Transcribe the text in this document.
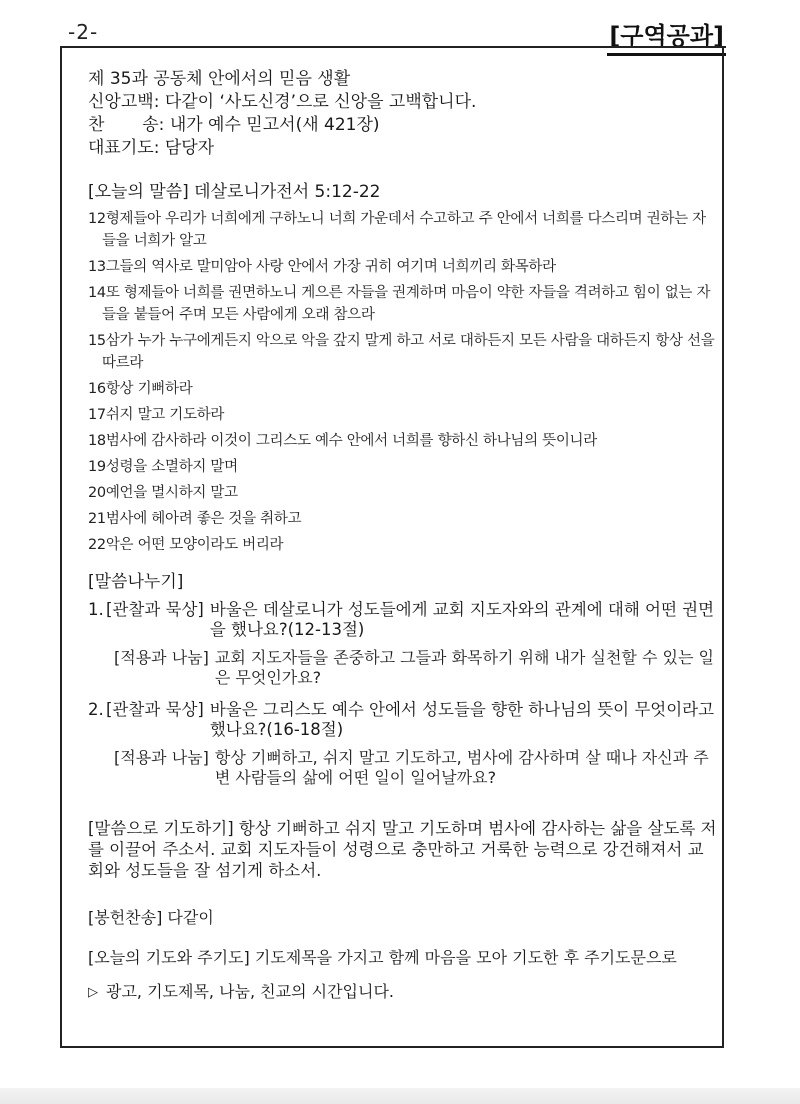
-2-	[구역공과]
제 35과 공동체 안에서의 믿음 생활
신앙고백: 다같이 ‘사도신경’으로 신앙을 고백합니다.
찬       송: 내가 예수 믿고서(새 421장)
대표기도: 담당자
[오늘의 말씀] 데살로니가전서 5:12-22
12형제들아 우리가 너희에게 구하노니 너희 가운데서 수고하고 주 안에서 너희를 다스리며 권하는 자들을 너희가 알고
13그들의 역사로 말미암아 사랑 안에서 가장 귀히 여기며 너희끼리 화목하라
14또 형제들아 너희를 권면하노니 게으른 자들을 권계하며 마음이 약한 자들을 격려하고 힘이 없는 자들을 붙들어 주며 모든 사람에게 오래 참으라
15삼가 누가 누구에게든지 악으로 악을 갚지 말게 하고 서로 대하든지 모든 사람을 대하든지 항상 선을 따르라
16항상 기뻐하라
17쉬지 말고 기도하라
18범사에 감사하라 이것이 그리스도 예수 안에서 너희를 향하신 하나님의 뜻이니라
19성령을 소멸하지 말며
20예언을 멸시하지 말고
21범사에 헤아려 좋은 것을 취하고
22악은 어떤 모양이라도 버리라
[말씀나누기]
1. [관찰과 묵상] 바울은 데살로니가 성도들에게 교회 지도자와의 관계에 대해 어떤 권면을 했나요?(12-13절)
[적용과 나눔] 교회 지도자들을 존중하고 그들과 화목하기 위해 내가 실천할 수 있는 일은 무엇인가요?
2. [관찰과 묵상] 바울은 그리스도 예수 안에서 성도들을 향한 하나님의 뜻이 무엇이라고 했나요?(16-18절)
[적용과 나눔] 항상 기뻐하고, 쉬지 말고 기도하고, 범사에 감사하며 살 때나 자신과 주변 사람들의 삶에 어떤 일이 일어날까요?
[말씀으로 기도하기] 항상 기뻐하고 쉬지 말고 기도하며 범사에 감사하는 삶을 살도록 저를 이끌어 주소서. 교회 지도자들이 성령으로 충만하고 거룩한 능력으로 강건해져서 교회와 성도들을 잘 섬기게 하소서.
[봉헌찬송] 다같이
[오늘의 기도와 주기도] 기도제목을 가지고 함께 마음을 모아 기도한 후 주기도문으로
▷ 광고, 기도제목, 나눔, 친교의 시간입니다.
